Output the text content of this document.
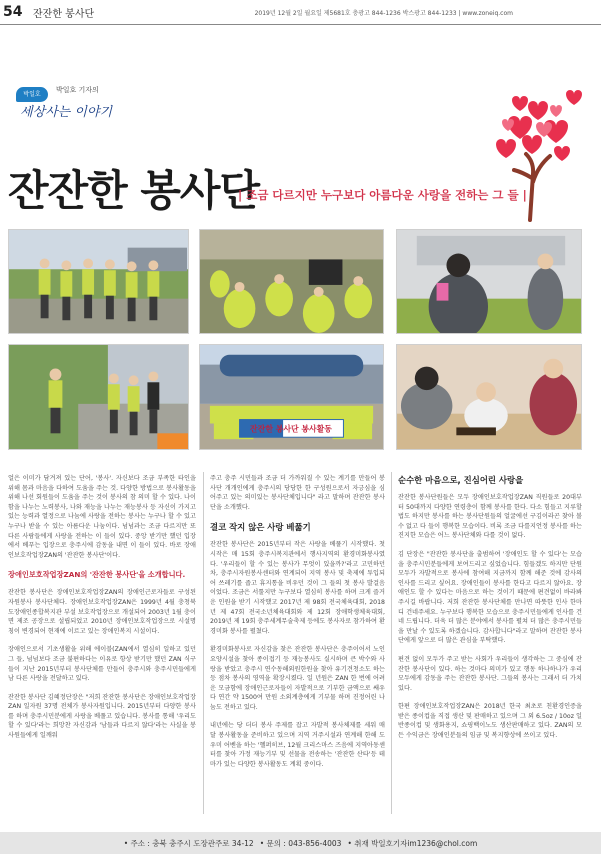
54	잔잔한 봉사단	2019년 12월 2일 월요일 제5681호 충광고 844-1236 박스광고 844-1233 | www.zoneiq.com
박일호
박일호 기자의
세상사는 이야기
잔잔한 봉사단
| 조금 다르지만 누구보다 아름다운 사랑을 전하는 그 들 |
잔잔한 봉사단 봉사활동

얼은 이미가 담겨져 있는 단어, '봉사'. 자신보다 조금 부족한 타인을 위해 몸과 마음을 다하여 도움을 주는 것. 다양한 방법으로 봉사활동을 위해 나선 회원들이 도움을 주는 것이 봉사의 참 의미 할 수 있다. 나이 함을 나누는 노력봉사, 나와 재능을 나누는 재능봉사 등 자신이 가지고 있는 능력과 열정으로 나눔에 사랑을 전하는 봉사는 누구나 할 수 있고 누구나 받을 수 있는 아름다운 나눔이다. 넘넘과는 조금 다르지만 또 다른 사람들에게 사랑을 전하는 이 들이 있다. 중앙 받기만 했던 입장에서 베푸는 입장으로 충주시에 감동을 내면 이 들이 있다. 바로 장애인보호작업장ZAN의 '잔잔한 봉사단'이다.

장애인보호작업장ZAN의 '잔잔한 봉사단'을 소개합니다.

잔잔한 봉사단은 장애인보호작업장ZAN의 장애인근로자들로 구성된 자원봉사 봉사단체다. 장애인보호작업장ZAN은 1999년 4월 충청북도장애인종합복지관 부설 보호작업장으로 개설되어 2003년 1월 충이면 제조 공장으로 설립되었고 2010년 장애인보호작업장으로 시설명칭이 변경되어 현재에 이르고 있는 장애인복지 시설이다.

장애인으로서 기초생활을 위해 에이블(ZAN에서 열심히 일하고 있던 그 들, 넘넘보다 조금 불편하다는 이유로 항상 받기만 했던 ZAN 식구들이 지난 2015년부터 봉사단체를 만들어 충주시와 충주시민들에게 남 다른 사랑을 전달하고 있다.

잔잔한 봉사단 김혜정단장은 "저희 잔잔한 봉사단은 장애인보호작업장ZAN 일자원 37명 전체가 봉사자원입니다. 2015년부터 다양한 봉사를 하며 충주시민분에게 사랑을 베풀고 있습니다. 봉사를 통해 '우리도 할 수 있다'라는 희망찬 자신감과 '남들과 다르지 않다'라는 사실을 봉사원들에게 일깨워

주고 충주 시민들과 조금 더 가까워질 수 있는 계기를 만들어 봉사단 개개인에게 충주시의 당당한 한 구성원으로서 자긍심을 심어주고 있는 의미있는 봉사단체입니다" 라고 말하며 잔잔한 봉사단을 소개했다.

결코 작지 않은 사랑 베풂기

잔잔한 봉사단은 2015년부터 작은 사랑을 베풀기 시작했다. 첫 시작은 매 15회 충주시복지관에서 행사지역의 환경미화봉사였다. '우리들이 할 수 있는 봉사가 무엇이 있을까?'라고 고민하던 차, 충주시자원봉사센터와 연계되어 지역 봉사 및 축제에 투입되어 쓰레기를 줍고 휴지통을 비우던 것이 그 들의 첫 봉사 발걸음이었다. 조금은 서툴지만 누구보다 열심히 봉사를 하며 크게 즐거운 인원을 받기 시작했고 2017년 제 98회 전국체육대회, 2018년 제 47회 전국소년체육대회와 제 12회 장애학생체육대회, 2019년 제 19회 충주세계무술축제 등에도 봉사자로 참가하여 환경미화 봉사를 펼쳤다.

환경미화봉사로 자신감을 찾은 잔잔한 봉사단은 충주이어서 노인요양시설을 찾아 종이접기 등 재능봉사도 실시하며 큰 박수와 사랑을 받았고 충주시 연수동해외원한원을 찾아 유기견청소도 하는 등 점차 봉사의 영역을 확장시켰다. 일 년원은 ZAN 한 번에 어려운 모금함에 장애인근로자들이 자발적으로 기부한 금액으로 쌔우다 연간 약 1500여 만원 소외계층에게 기부물 하며 진정어린 나눔도 전하고 있다.

내년에는 당 더더 봉사 주제를 잡고 자발적 봉사체제를 세워 매 달 봉사활동을 준비하고 있으며 지역 거주시설과 연계해 한해 도우미 어벤을 하는 '헬퍼히브, 12월 크리스마스 즈음에 지역아동센터를 찾아 가정 재능기부 및 선물을 전송하는 '잔잔한 산타'등 테마가 있는 다양한 봉사활동도 계획 중이다.

순수한 마음으로, 진심어린 사랑을

잔잔한 봉사단원들은 모두 장애인보호작업장ZAN 직원들로 20대부터 50대까지 다양한 연령층이 함께 봉사를 한다. 다소 힘들고 지루할 법도 하지만 봉사를 하는 봉사단원들의 얼굴에선 구김이라곤 찾아 볼 수 없고 다 들이 행복한 모습이다. 비록 조금 다를지언정 봉사를 하는 진지한 모습은 어느 봉사단체와 다를 것이 없다.

김 단장은 "잔잔한 봉사단을 출범하여 '장애인도 할 수 있다'는 모습을 충주시민분들에게 보여드리고 싶었습니다. 힘들겠도 하지만 단원 모두가 자발적으로 봉사에 참여해 지금까지 함께 해준 것에 감사의 인사를 드리고 싶어요. 장애인들이 봉사를 한다고 다르지 않아요. 장애인도 할 수 있다는 마음으로 하는 것이기 때문에 편견없이 바라봐주시길 바랍니다. 저희 잔잔한 봉사단체를 만나면 따뜻한 인사 한마디 건네주세요. 누구보다 행복한 모습으로 충주시민들에게 인사를 건네 드립니다. 더욱 더 많은 분야에서 봉사를 펼쳐 더 많은 충주시민들을 만날 수 있도록 하겠습니다. 감사합니다"라고 말하며 잔잔한 봉사단에게 앞으로 더 많은 관심을 부탁했다.

편견 없이 모두가 주고 받는 사회가 우리들이 생각하는 그 중심에 잔잔한 봉사단이 있다. 하는 것마다 의미가 있고 행동 하나하나가 우리 모두에게 감동을 주는 잔잔한 봉사단. 그들의 봉사는 그래서 더 가치있다.

한편 장애인보호작업장ZAN은 2018년 한국 최초로 친환경인증을 받은 종이컵을 직접 생산 및 판매하고 있으며 그 외 6.5oz / 10oz 일반종이컵 및 생화용지, 쇼핑백이노도 생산판매하고 있다. ZAN의 모든 수익금은 장애인분들의 임금 및 복지향상에 쓰이고 있다.

• 주소 : 충북 충주시 도장관주로 34-12 • 문의 : 043-856-4003 • 취재 박일호기자im1236@chol.com
